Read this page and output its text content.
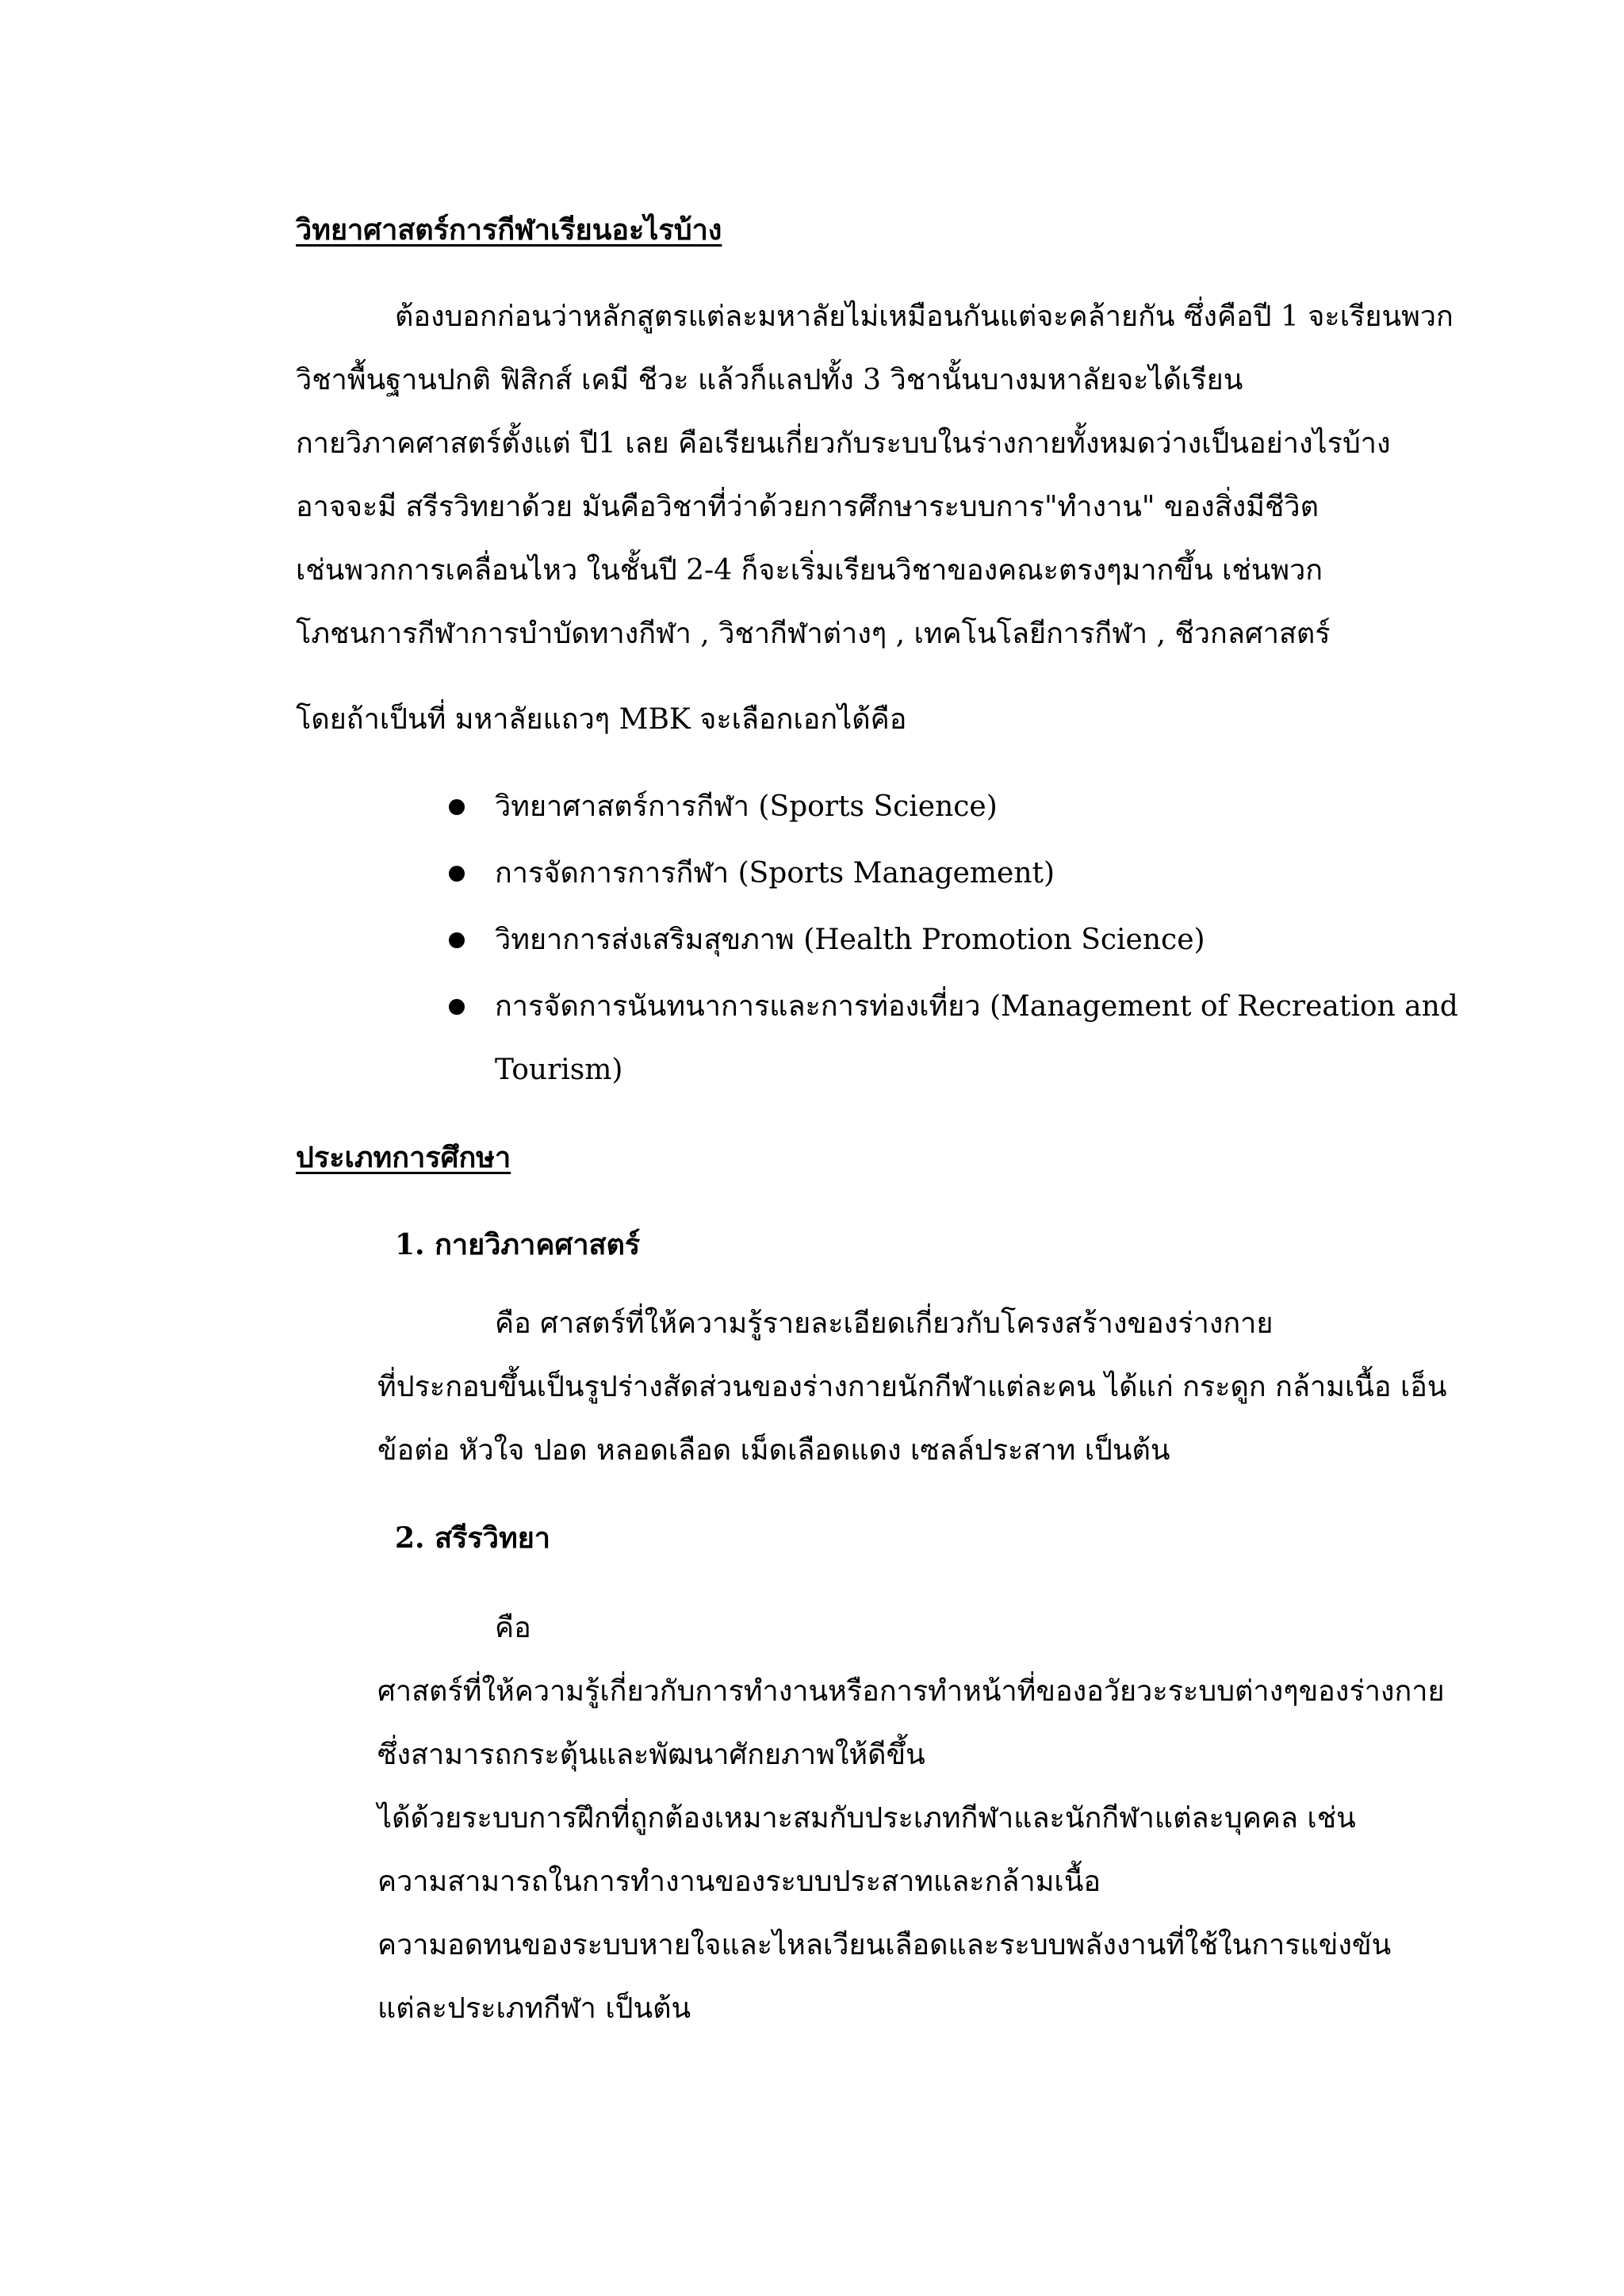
วิทยาศาสตร์การกีฬาเรียนอะไรบ้าง
ต้องบอกก่อนว่าหลักสูตรแต่ละมหาลัยไม่เหมือนกันแต่จะคล้ายกัน ซึ่งคือปี 1 จะเรียนพวก
วิชาพื้นฐานปกติ ฟิสิกส์ เคมี ชีวะ แล้วก็แลปทั้ง 3 วิชานั้นบางมหาลัยจะได้เรียน
กายวิภาคศาสตร์ตั้งแต่ ปี1 เลย คือเรียนเกี่ยวกับระบบในร่างกายทั้งหมดว่างเป็นอย่างไรบ้าง
อาจจะมี สรีรวิทยาด้วย มันคือวิชาที่ว่าด้วยการศึกษาระบบการ"ทำงาน" ของสิ่งมีชีวิต
เช่นพวกการเคลื่อนไหว ในชั้นปี 2-4 ก็จะเริ่มเรียนวิชาของคณะตรงๆมากขึ้น เช่นพวก
โภชนการกีฬาการบำบัดทางกีฬา , วิชากีฬาต่างๆ , เทคโนโลยีการกีฬา , ชีวกลศาสตร์
โดยถ้าเป็นที่ มหาลัยแถวๆ MBK จะเลือกเอกได้คือ
วิทยาศาสตร์การกีฬา (Sports Science)
การจัดการการกีฬา (Sports Management)
วิทยาการส่งเสริมสุขภาพ (Health Promotion Science)
การจัดการนันทนาการและการท่องเที่ยว (Management of Recreation and
Tourism)
ประเภทการศึกษา
1. กายวิภาคศาสตร์
คือ ศาสตร์ที่ให้ความรู้รายละเอียดเกี่ยวกับโครงสร้างของร่างกาย
ที่ประกอบขึ้นเป็นรูปร่างสัดส่วนของร่างกายนักกีฬาแต่ละคน ได้แก่ กระดูก กล้ามเนื้อ เอ็น
ข้อต่อ หัวใจ ปอด หลอดเลือด เม็ดเลือดแดง เซลล์ประสาท เป็นต้น
2. สรีรวิทยา
คือ
ศาสตร์ที่ให้ความรู้เกี่ยวกับการทำงานหรือการทำหน้าที่ของอวัยวะระบบต่างๆของร่างกาย
ซึ่งสามารถกระตุ้นและพัฒนาศักยภาพให้ดีขึ้น
ได้ด้วยระบบการฝึกที่ถูกต้องเหมาะสมกับประเภทกีฬาและนักกีฬาแต่ละบุคคล เช่น
ความสามารถในการทำงานของระบบประสาทและกล้ามเนื้อ
ความอดทนของระบบหายใจและไหลเวียนเลือดและระบบพลังงานที่ใช้ในการแข่งขัน
แต่ละประเภทกีฬา เป็นต้น
